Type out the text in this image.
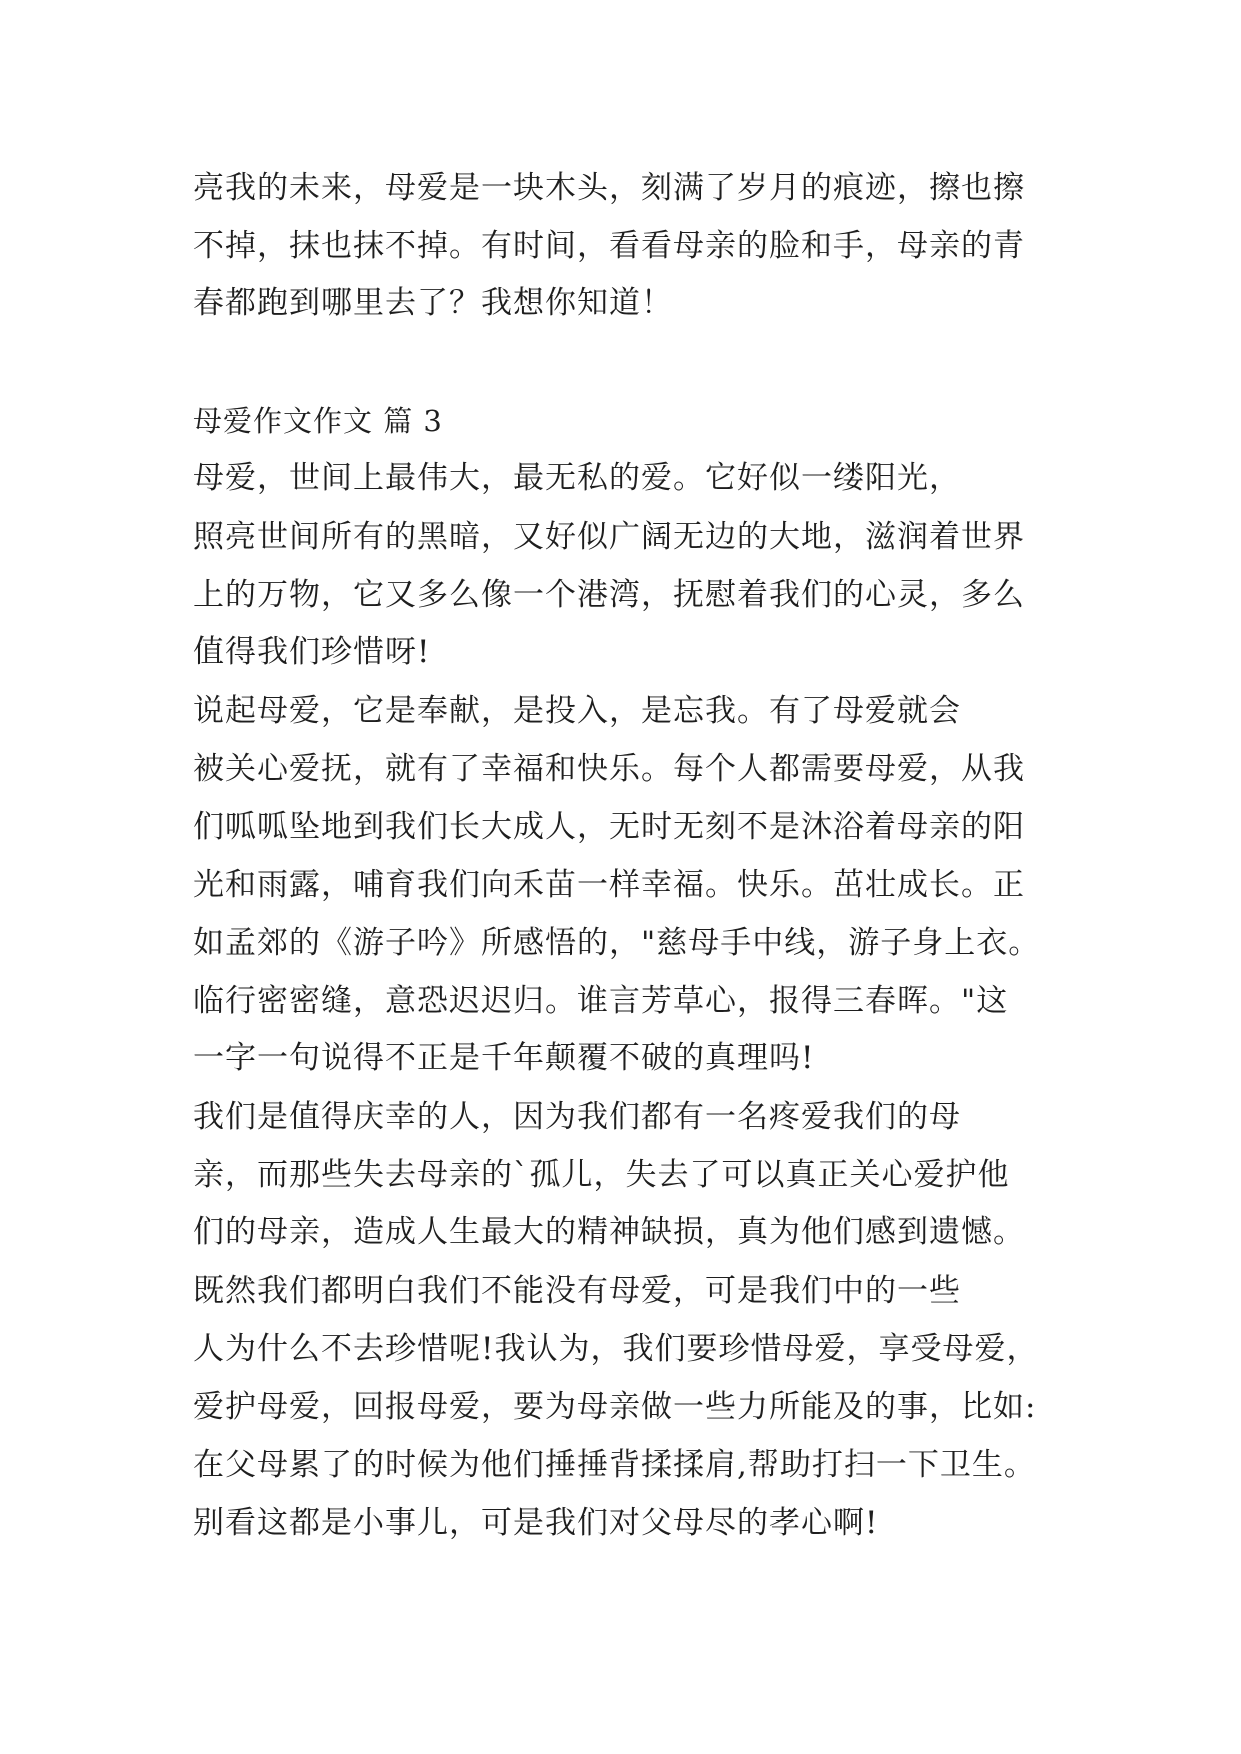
亮我的未来，母爱是一块木头，刻满了岁月的痕迹，擦也擦
不掉，抹也抹不掉。有时间，看看母亲的脸和手，母亲的青
春都跑到哪里去了？我想你知道！
母爱作文作文 篇 3
母爱，世间上最伟大，最无私的爱。它好似一缕阳光，
照亮世间所有的黑暗，又好似广阔无边的大地，滋润着世界
上的万物，它又多么像一个港湾，抚慰着我们的心灵，多么
值得我们珍惜呀!
说起母爱，它是奉献，是投入，是忘我。有了母爱就会
被关心爱抚，就有了幸福和快乐。每个人都需要母爱，从我
们呱呱坠地到我们长大成人，无时无刻不是沐浴着母亲的阳
光和雨露，哺育我们向禾苗一样幸福。快乐。茁壮成长。正
如孟郊的《游子吟》所感悟的，"慈母手中线，游子身上衣。
临行密密缝，意恐迟迟归。谁言芳草心，报得三春晖。"这
一字一句说得不正是千年颠覆不破的真理吗!
我们是值得庆幸的人，因为我们都有一名疼爱我们的母
亲，而那些失去母亲的`孤儿，失去了可以真正关心爱护他
们的母亲，造成人生最大的精神缺损，真为他们感到遗憾。
既然我们都明白我们不能没有母爱，可是我们中的一些
人为什么不去珍惜呢!我认为，我们要珍惜母爱，享受母爱，
爱护母爱，回报母爱，要为母亲做一些力所能及的事，比如:
在父母累了的时候为他们捶捶背揉揉肩,帮助打扫一下卫生。
别看这都是小事儿，可是我们对父母尽的孝心啊!
